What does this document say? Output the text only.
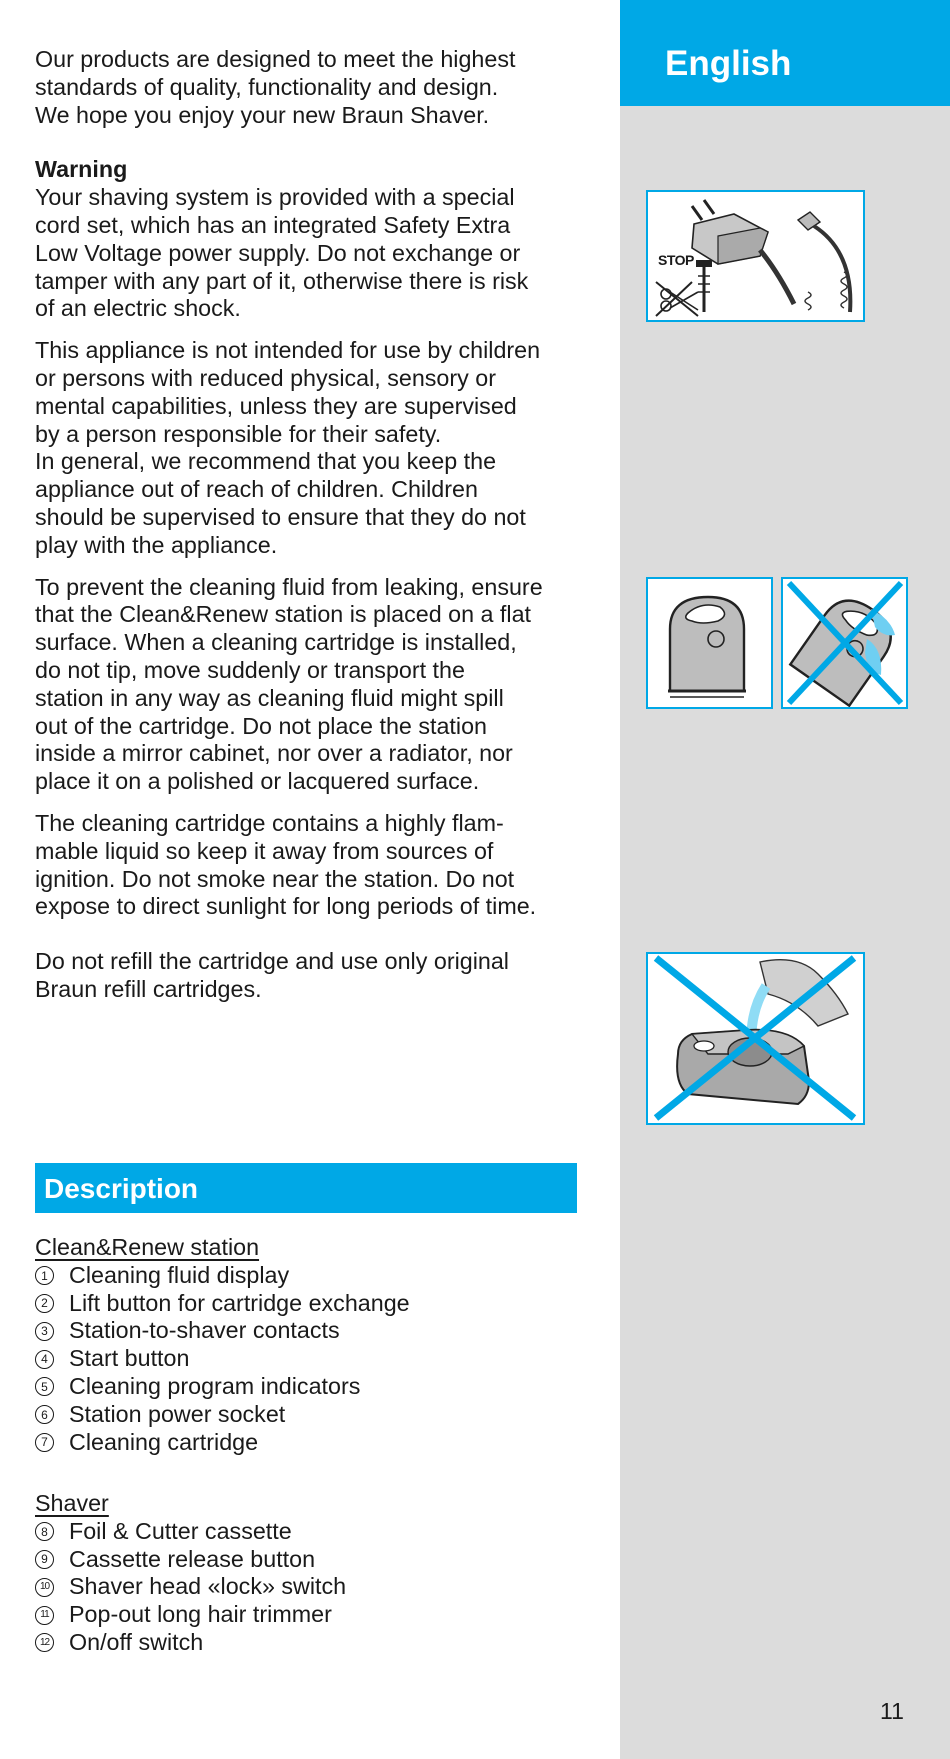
English

Our products are designed to meet the highest

standards of quality, functionality and design.

We hope you enjoy your new Braun Shaver.

Warning

Your shaving system is provided with a special

cord set, which has an integrated Safety Extra

Low Voltage power supply. Do not exchange or

tamper with any part of it, otherwise there is risk

of an electric shock.

This appliance is not intended for use by children

or persons with reduced physical, sensory or

mental capabilities, unless they are supervised

by a person responsible for their safety.

In general, we recommend that you keep the

appliance out of reach of children. Children

should be supervised to ensure that they do not

play with the appliance.

To prevent the cleaning fluid from leaking, ensure

that the Clean&Renew station is placed on a flat

surface. When a cleaning cartridge is installed,

do not tip, move suddenly or transport the

station in any way as cleaning fluid might spill

out of the cartridge. Do not place the station

inside a mirror cabinet, nor over a radiator, nor

place it on a polished or lacquered surface.

The cleaning cartridge contains a highly flam-

mable liquid so keep it away from sources of

ignition. Do not smoke near the station. Do not

expose to direct sunlight for long periods of time.

Do not refill the cartridge and use only original

Braun refill cartridges.

STOP
Description
Clean&Renew station
1 Cleaning fluid display
2 Lift button for cartridge exchange
3 Station-to-shaver contacts
4 Start button
5 Cleaning program indicators
6 Station power socket
7 Cleaning cartridge
Shaver
8 Foil & Cutter cassette
9 Cassette release button
10 Shaver head «lock» switch
11 Pop-out long hair trimmer
12 On/off switch
11
